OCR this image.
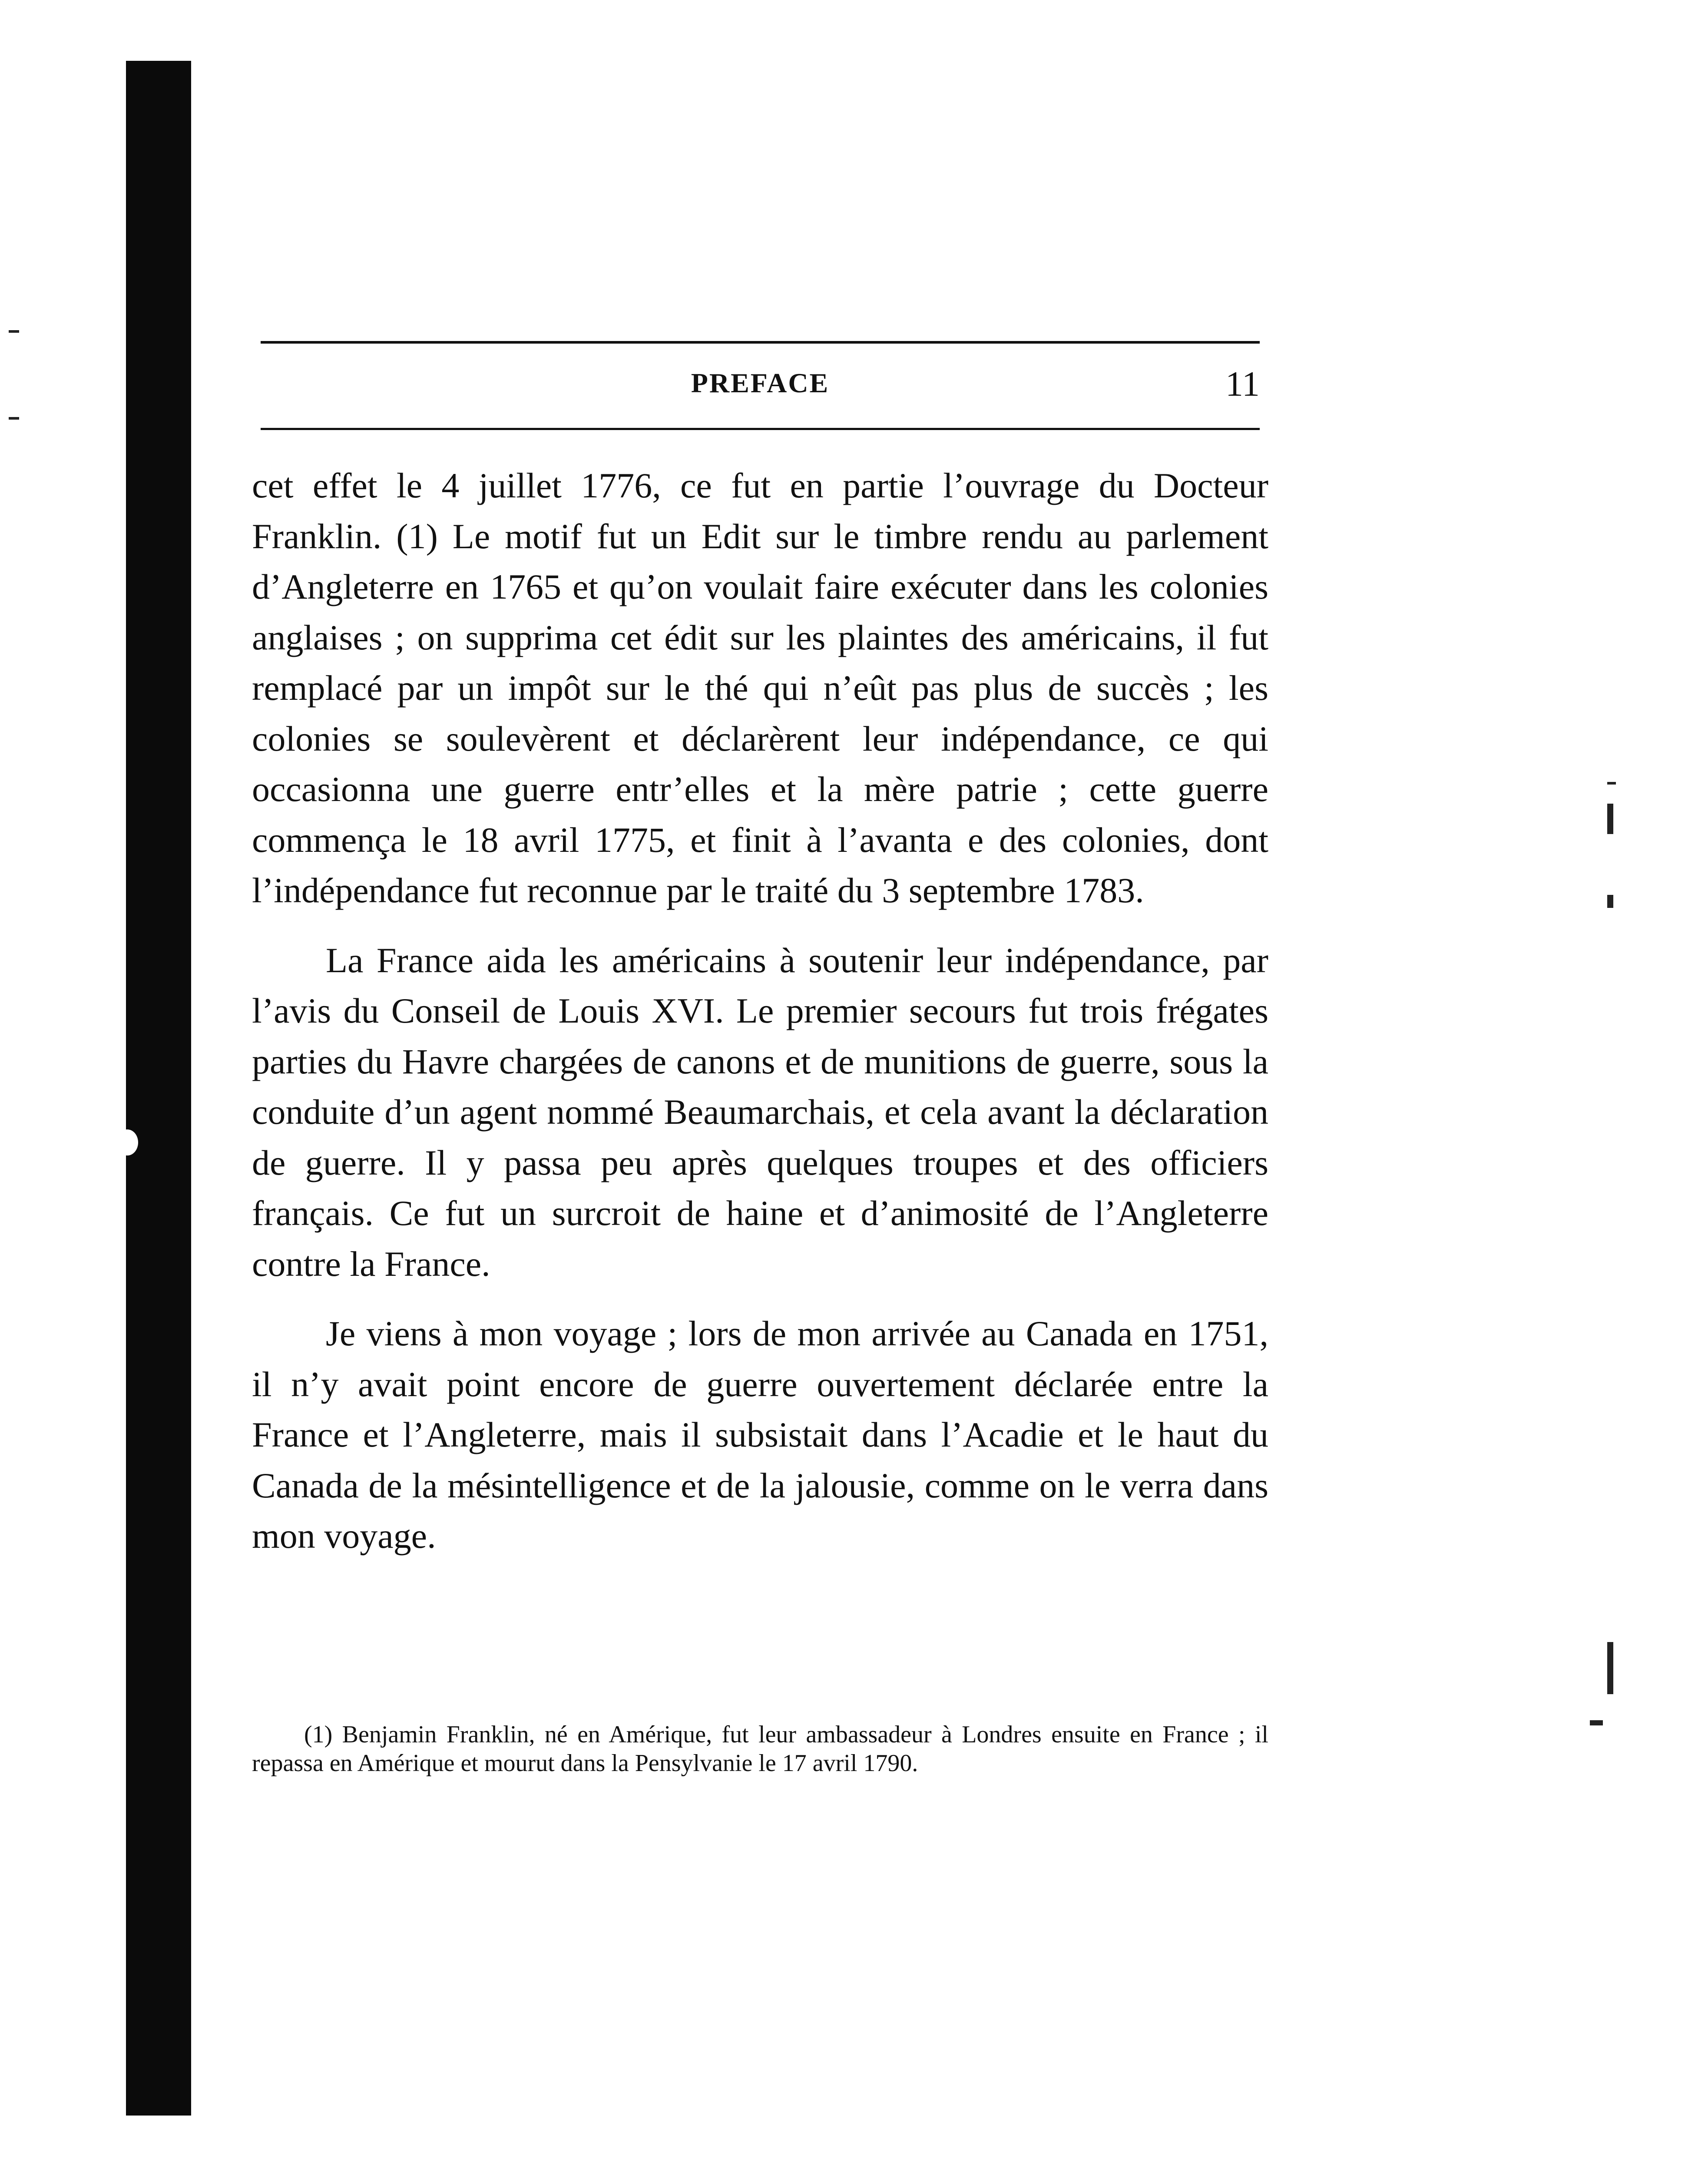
PREFACE	11

cet effet le 4 juillet 1776, ce fut en partie l’ouvrage du Docteur Franklin. (1) Le motif fut un Edit sur le timbre rendu au parlement d’Angleterre en 1765 et qu’on voulait faire exécuter dans les colonies anglaises ; on supprima cet édit sur les plaintes des américains, il fut remplacé par un impôt sur le thé qui n’eût pas plus de succès ; les colonies se soulevèrent et déclarèrent leur indépendance, ce qui occasionna une guerre entr’elles et la mère patrie ; cette guerre commença le 18 avril 1775, et finit à l’avanta e des colonies, dont l’indépendance fut reconnue par le traité du 3 septembre 1783.

La France aida les américains à soutenir leur indépendance, par l’avis du Conseil de Louis XVI. Le premier secours fut trois frégates parties du Havre chargées de canons et de munitions de guerre, sous la conduite d’un agent nommé Beaumarchais, et cela avant la déclaration de guerre. Il y passa peu après quelques troupes et des officiers français. Ce fut un surcroit de haine et d’animosité de l’Angleterre contre la France.

Je viens à mon voyage ; lors de mon arrivée au Canada en 1751, il n’y avait point encore de guerre ouvertement déclarée entre la France et l’Angleterre, mais il subsistait dans l’Acadie et le haut du Canada de la mésintelligence et de la jalousie, comme on le verra dans mon voyage.

(1) Benjamin Franklin, né en Amérique, fut leur ambassadeur à Londres ensuite en France ; il repassa en Amérique et mourut dans la Pensylvanie le 17 avril 1790.
